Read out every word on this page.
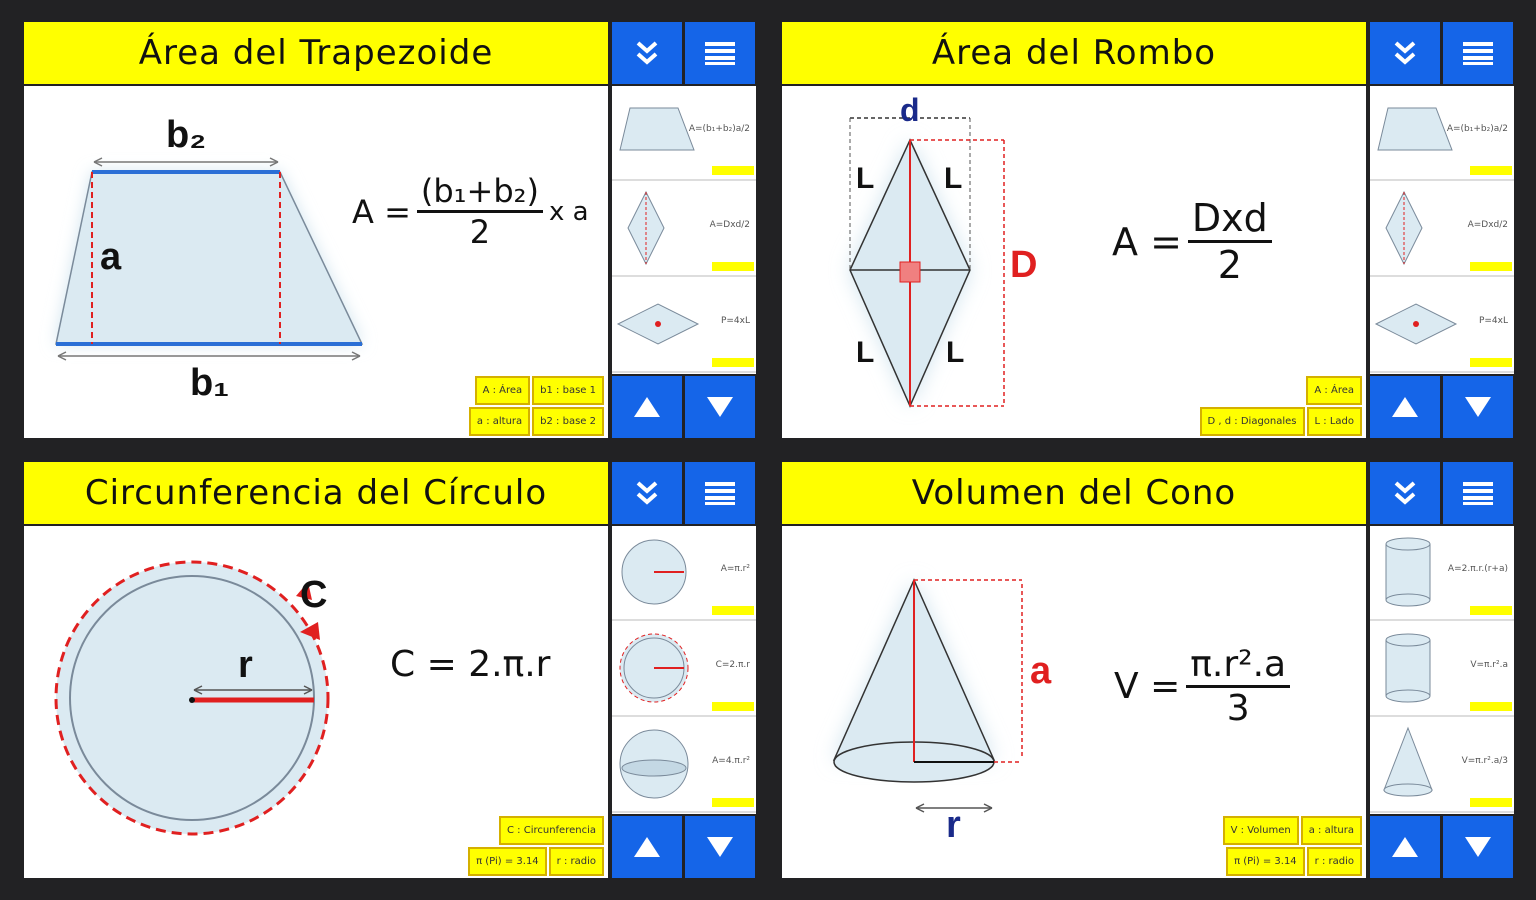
Área del Trapezoide
b₂
b₁
a
$A = \frac{\text{(b₁+b₂)}}{2}$ x a
A : Área	b1 : base 1
a : altura	b2 : base 2
A=(b₁+b₂)a/2
A=Dxd/2
P=4xL
Área del Rombo
d
D
L L
L L
$A = \frac{\text{Dxd}}{2}$
A : Área
D , d : Diagonales	L : Lado
A=(b₁+b₂)a/2
A=Dxd/2
P=4xL
Circunferencia del Círculo
C
r	C = 2.π.r
C : Circunferencia
π (Pi) = 3.14	r : radio
A=π.r²
C=2.π.r
A=4.π.r²
Volumen del Cono
a
r
$V = \frac{\text{π.r².a}}{3}$
V : Volumen	a : altura
π (Pi) = 3.14	r : radio
A=2.π.r.(r+a)
V=π.r².a
V=π.r².a/3
